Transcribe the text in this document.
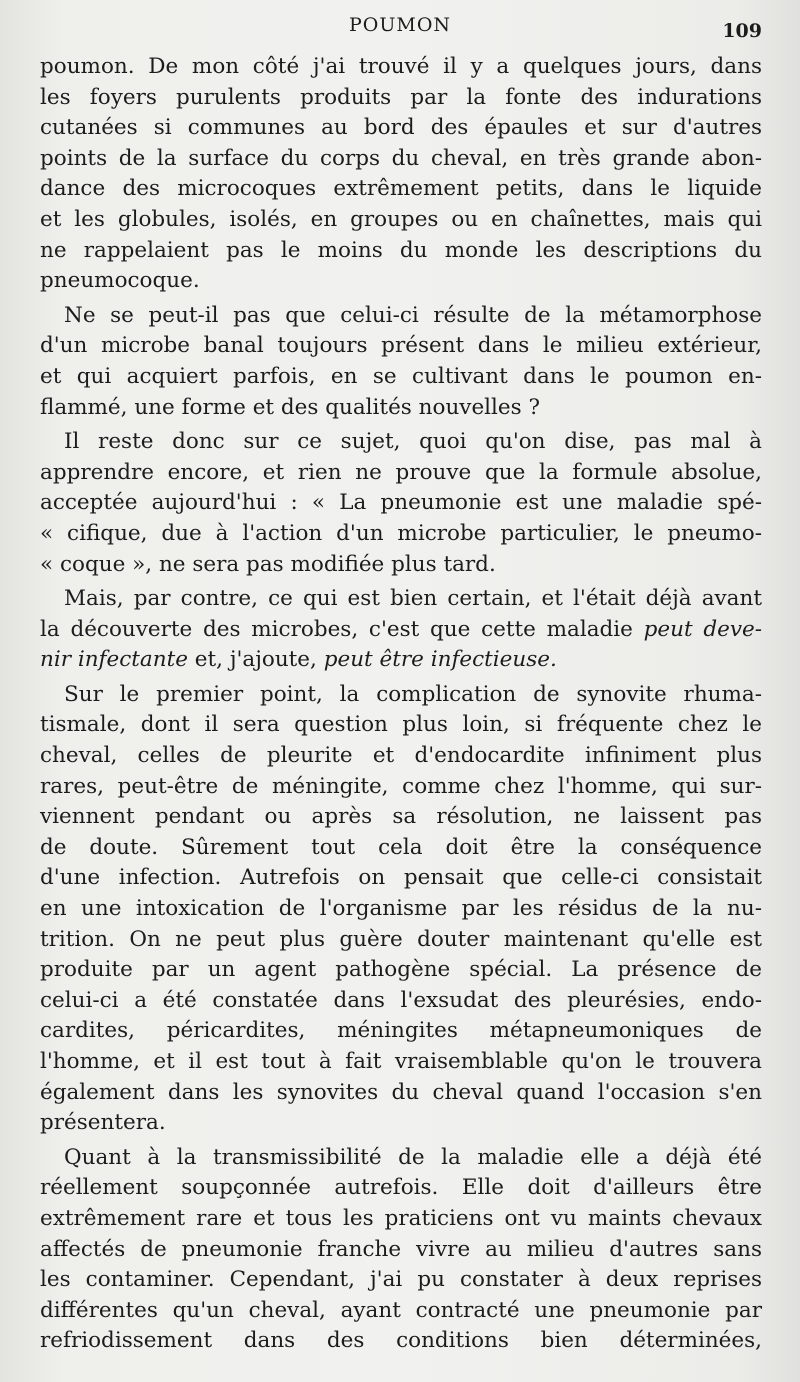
POUMON	109
poumon. De mon côté j'ai trouvé il y a quelques jours, dans
les foyers purulents produits par la fonte des indurations
cutanées si communes au bord des épaules et sur d'autres
points de la surface du corps du cheval, en très grande abon-
dance des microcoques extrêmement petits, dans le liquide
et les globules, isolés, en groupes ou en chaînettes, mais qui
ne rappelaient pas le moins du monde les descriptions du
pneumocoque.
Ne se peut-il pas que celui-ci résulte de la métamorphose
d'un microbe banal toujours présent dans le milieu extérieur,
et qui acquiert parfois, en se cultivant dans le poumon en-
flammé, une forme et des qualités nouvelles ?
Il reste donc sur ce sujet, quoi qu'on dise, pas mal à
apprendre encore, et rien ne prouve que la formule absolue,
acceptée aujourd'hui : « La pneumonie est une maladie spé-
« cifique, due à l'action d'un microbe particulier, le pneumo-
« coque », ne sera pas modifiée plus tard.
Mais, par contre, ce qui est bien certain, et l'était déjà avant
la découverte des microbes, c'est que cette maladie peut deve-
nir infectante et, j'ajoute, peut être infectieuse.
Sur le premier point, la complication de synovite rhuma-
tismale, dont il sera question plus loin, si fréquente chez le
cheval, celles de pleurite et d'endocardite infiniment plus
rares, peut-être de méningite, comme chez l'homme, qui sur-
viennent pendant ou après sa résolution, ne laissent pas
de doute. Sûrement tout cela doit être la conséquence
d'une infection. Autrefois on pensait que celle-ci consistait
en une intoxication de l'organisme par les résidus de la nu-
trition. On ne peut plus guère douter maintenant qu'elle est
produite par un agent pathogène spécial. La présence de
celui-ci a été constatée dans l'exsudat des pleurésies, endo-
cardites, péricardites, méningites métapneumoniques de
l'homme, et il est tout à fait vraisemblable qu'on le trouvera
également dans les synovites du cheval quand l'occasion s'en
présentera.
Quant à la transmissibilité de la maladie elle a déjà été
réellement soupçonnée autrefois. Elle doit d'ailleurs être
extrêmement rare et tous les praticiens ont vu maints chevaux
affectés de pneumonie franche vivre au milieu d'autres sans
les contaminer. Cependant, j'ai pu constater à deux reprises
différentes qu'un cheval, ayant contracté une pneumonie par
refriodissement dans des conditions bien déterminées,
